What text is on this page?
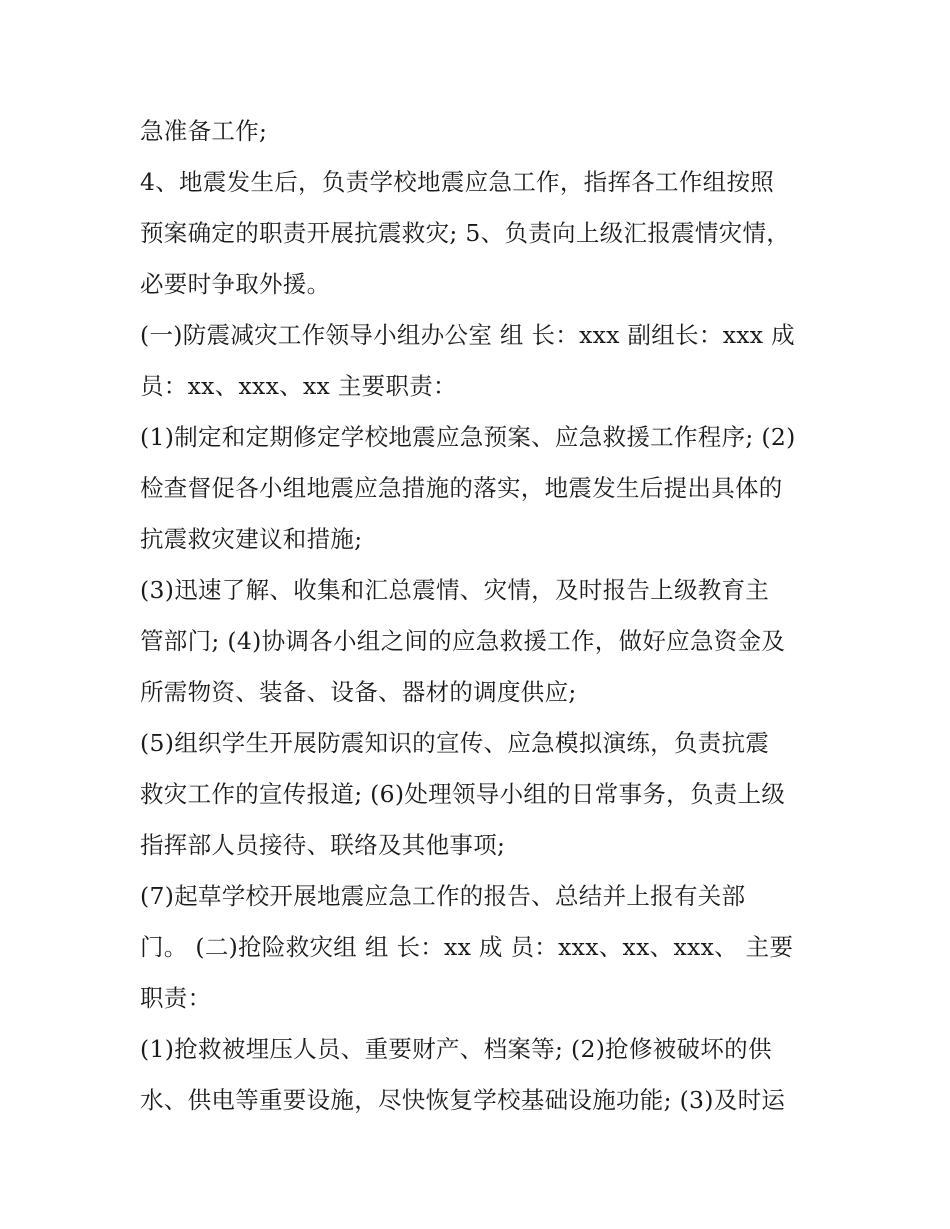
急准备工作;
4、地震发生后，负责学校地震应急工作，指挥各工作组按照
预案确定的职责开展抗震救灾; 5、负责向上级汇报震情灾情，
必要时争取外援。
(一)防震减灾工作领导小组办公室 组 长：xxx 副组长：xxx 成
员：xx、xxx、xx 主要职责：
(1)制定和定期修定学校地震应急预案、应急救援工作程序; (2)
检查督促各小组地震应急措施的落实，地震发生后提出具体的
抗震救灾建议和措施;
(3)迅速了解、收集和汇总震情、灾情，及时报告上级教育主
管部门; (4)协调各小组之间的应急救援工作，做好应急资金及
所需物资、装备、设备、器材的调度供应;
(5)组织学生开展防震知识的宣传、应急模拟演练，负责抗震
救灾工作的宣传报道; (6)处理领导小组的日常事务，负责上级
指挥部人员接待、联络及其他事项;
(7)起草学校开展地震应急工作的报告、总结并上报有关部
门。 (二)抢险救灾组 组 长：xx 成 员：xxx、xx、xxx、 主要
职责：
(1)抢救被埋压人员、重要财产、档案等; (2)抢修被破坏的供
水、供电等重要设施，尽快恢复学校基础设施功能; (3)及时运
